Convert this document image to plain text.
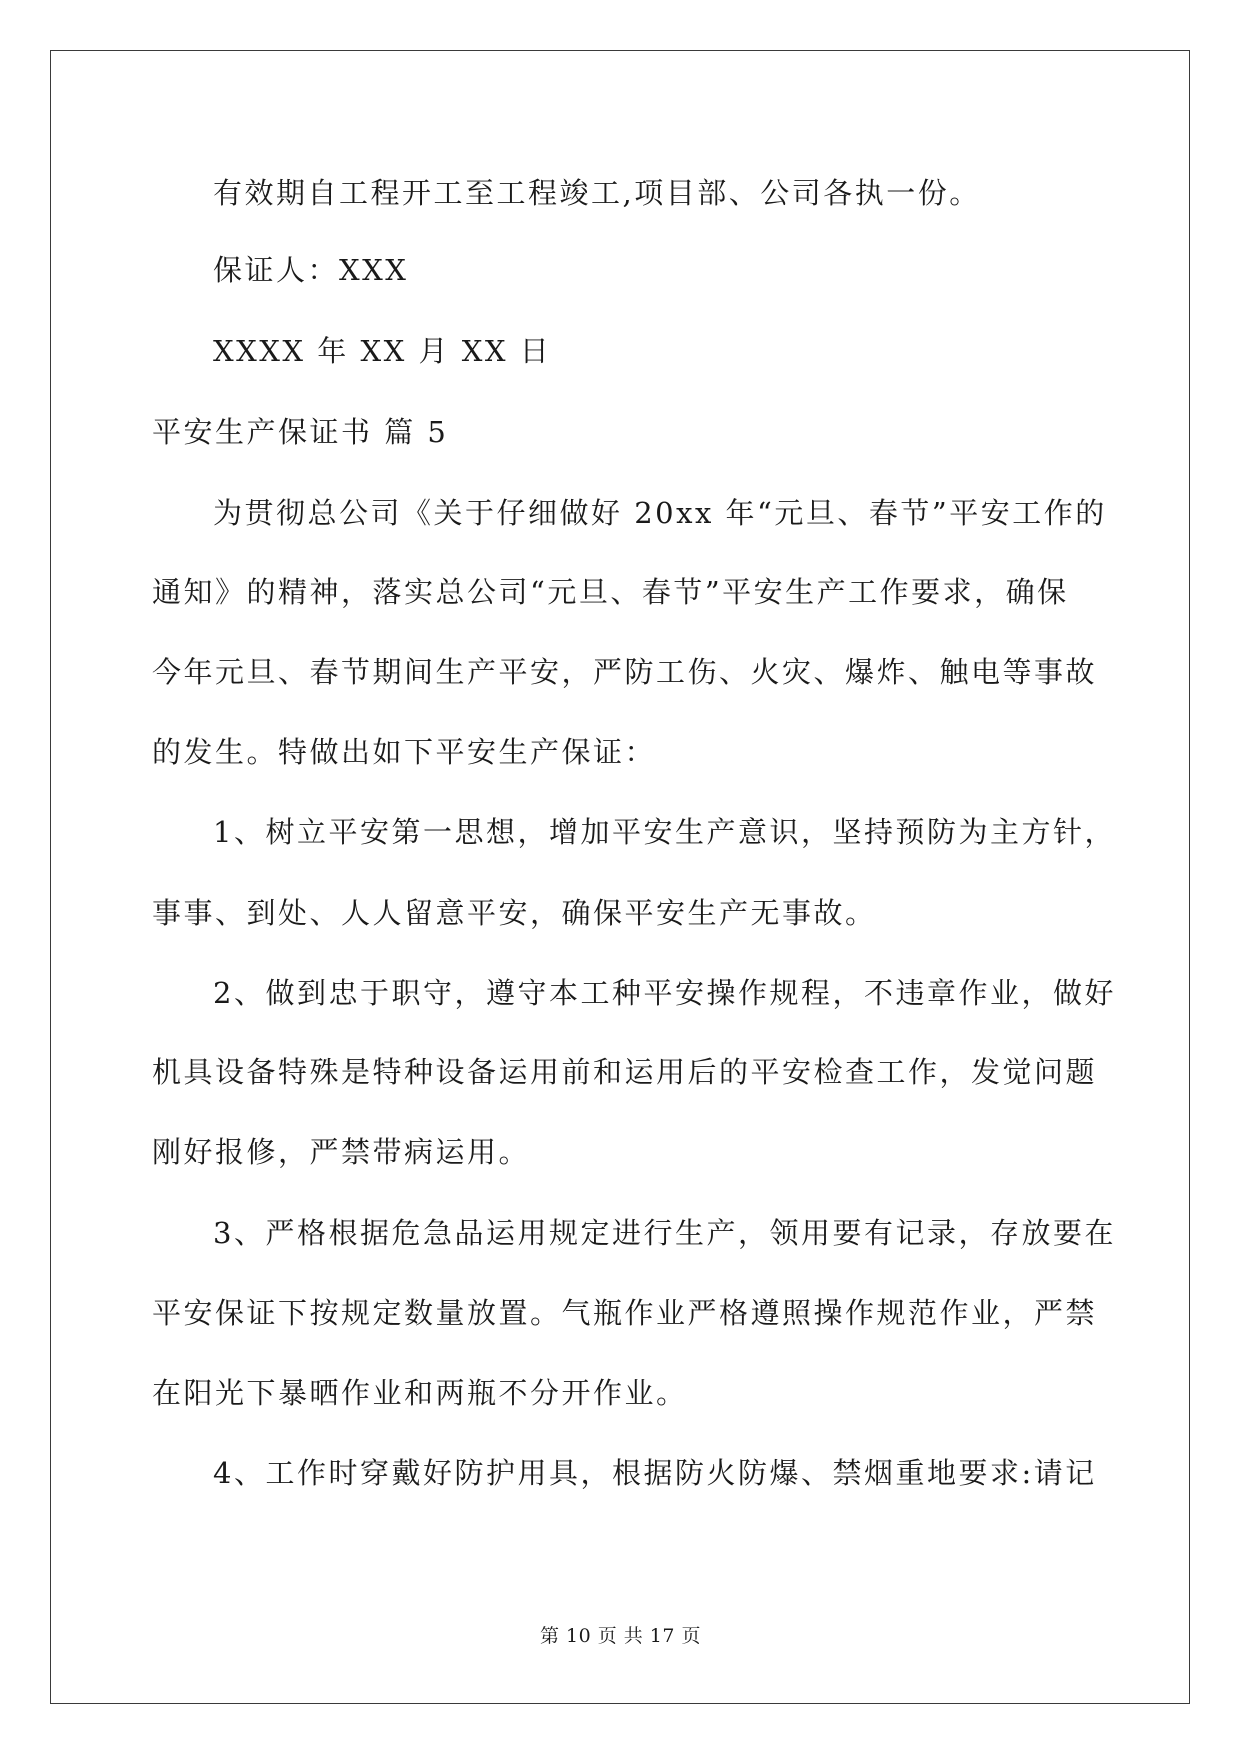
有效期自工程开工至工程竣工,项目部、公司各执一份。
保证人：XXX
XXXX 年 XX 月 XX 日
平安生产保证书 篇 5
为贯彻总公司《关于仔细做好 20xx 年“元旦、春节”平安工作的
通知》的精神，落实总公司“元旦、春节”平安生产工作要求，确保
今年元旦、春节期间生产平安，严防工伤、火灾、爆炸、触电等事故
的发生。特做出如下平安生产保证：
1、树立平安第一思想，增加平安生产意识，坚持预防为主方针，
事事、到处、人人留意平安，确保平安生产无事故。
2、做到忠于职守，遵守本工种平安操作规程，不违章作业，做好
机具设备特殊是特种设备运用前和运用后的平安检查工作，发觉问题
刚好报修，严禁带病运用。
3、严格根据危急品运用规定进行生产，领用要有记录，存放要在
平安保证下按规定数量放置。气瓶作业严格遵照操作规范作业，严禁
在阳光下暴晒作业和两瓶不分开作业。
4、工作时穿戴好防护用具，根据防火防爆、禁烟重地要求:请记
第 10 页 共 17 页
